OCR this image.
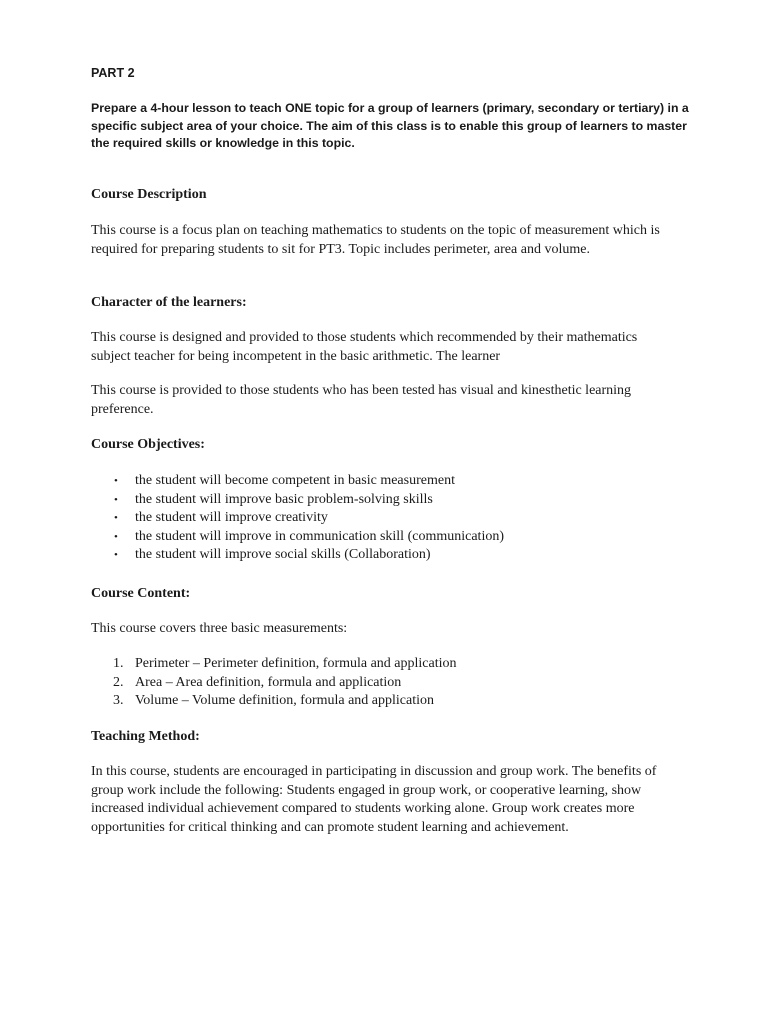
PART 2

Prepare a 4-hour lesson to teach ONE topic for a group of learners (primary, secondary or tertiary) in a specific subject area of your choice. The aim of this class is to enable this group of learners to master the required skills or knowledge in this topic.

Course Description

This course is a focus plan on teaching mathematics to students on the topic of measurement which is required for preparing students to sit for PT3. Topic includes perimeter, area and volume.

Character of the learners:

This course is designed and provided to those students which recommended by their mathematics subject teacher for being incompetent in the basic arithmetic. The learner

This course is provided to those students who has been tested has visual and kinesthetic learning preference.

Course Objectives:

• the student will become competent in basic measurement
• the student will improve basic problem-solving skills
• the student will improve creativity
• the student will improve in communication skill (communication)
• the student will improve social skills (Collaboration)

Course Content:

This course covers three basic measurements:

1. Perimeter – Perimeter definition, formula and application
2. Area – Area definition, formula and application
3. Volume – Volume definition, formula and application

Teaching Method:

In this course, students are encouraged in participating in discussion and group work. The benefits of group work include the following: Students engaged in group work, or cooperative learning, show increased individual achievement compared to students working alone. Group work creates more opportunities for critical thinking and can promote student learning and achievement.
